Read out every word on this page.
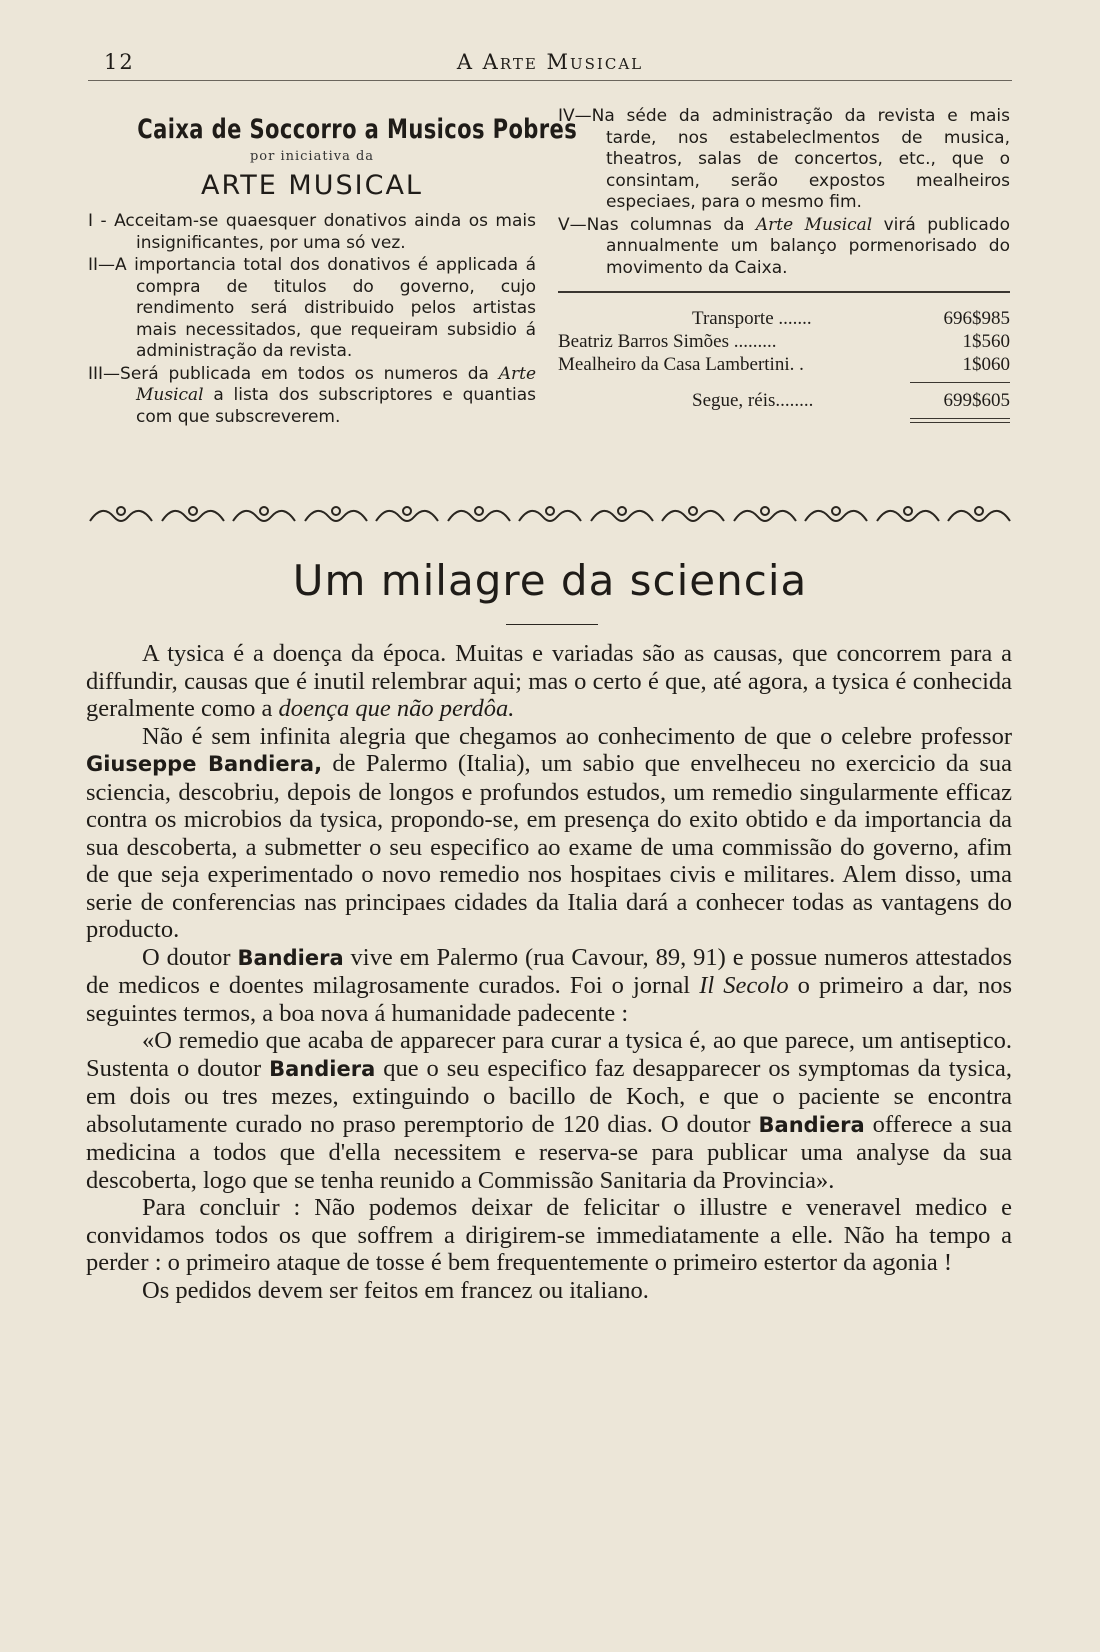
12	A Arte Musical
Caixa de Soccorro a Musicos Pobres
por iniciativa da
ARTE MUSICAL

I - Acceitam-se quaesquer donativos ainda os mais insignificantes, por uma só vez.

II—A importancia total dos donativos é applicada á compra de titulos do governo, cujo rendimento será distribuido pelos artistas mais necessitados, que requeiram subsidio á administração da revista.

III—Será publicada em todos os numeros da Arte Musical a lista dos subscriptores e quantias com que subscreverem.

IV—Na séde da administração da revista e mais tarde, nos estabeleclmentos de musica, theatros, salas de concertos, etc., que o consintam, serão expostos mealheiros especiaes, para o mesmo fim.

V—Nas columnas da Arte Musical virá publicado annualmente um balanço pormenorisado do movimento da Caixa.

Transporte .......	696$985
Beatriz Barros Simões .........	1$560
Mealheiro da Casa Lambertini. .	1$060
Segue, réis........	699$605
Um milagre da sciencia

A tysica é a doença da época. Muitas e variadas são as causas, que concorrem para a diffundir, causas que é inutil relembrar aqui; mas o certo é que, até agora, a tysica é conhecida geralmente como a doença que não perdôa.

Não é sem infinita alegria que chegamos ao conhecimento de que o celebre professor Giuseppe Bandiera, de Palermo (Italia), um sabio que envelheceu no exercicio da sua sciencia, descobriu, depois de longos e profundos estudos, um remedio singularmente efficaz contra os microbios da tysica, propondo-se, em presença do exito obtido e da importancia da sua descoberta, a submetter o seu especifico ao exame de uma commissão do governo, afim de que seja experimentado o novo remedio nos hospitaes civis e militares. Alem disso, uma serie de conferencias nas principaes cidades da Italia dará a conhecer todas as vantagens do producto.

O doutor Bandiera vive em Palermo (rua Cavour, 89, 91) e possue numeros attestados de medicos e doentes milagrosamente curados. Foi o jornal Il Secolo o primeiro a dar, nos seguintes termos, a boa nova á humanidade padecente :

«O remedio que acaba de apparecer para curar a tysica é, ao que parece, um antiseptico. Sustenta o doutor Bandiera que o seu especifico faz desapparecer os symptomas da tysica, em dois ou tres mezes, extinguindo o bacillo de Koch, e que o paciente se encontra absolutamente curado no praso peremptorio de 120 dias. O doutor Bandiera offerece a sua medicina a todos que d'ella necessitem e reserva-se para publicar uma analyse da sua descoberta, logo que se tenha reunido a Commissão Sanitaria da Provincia».

Para concluir : Não podemos deixar de felicitar o illustre e veneravel medico e convidamos todos os que soffrem a dirigirem-se immediatamente a elle. Não ha tempo a perder : o primeiro ataque de tosse é bem frequentemente o primeiro estertor da agonia !

Os pedidos devem ser feitos em francez ou italiano.
